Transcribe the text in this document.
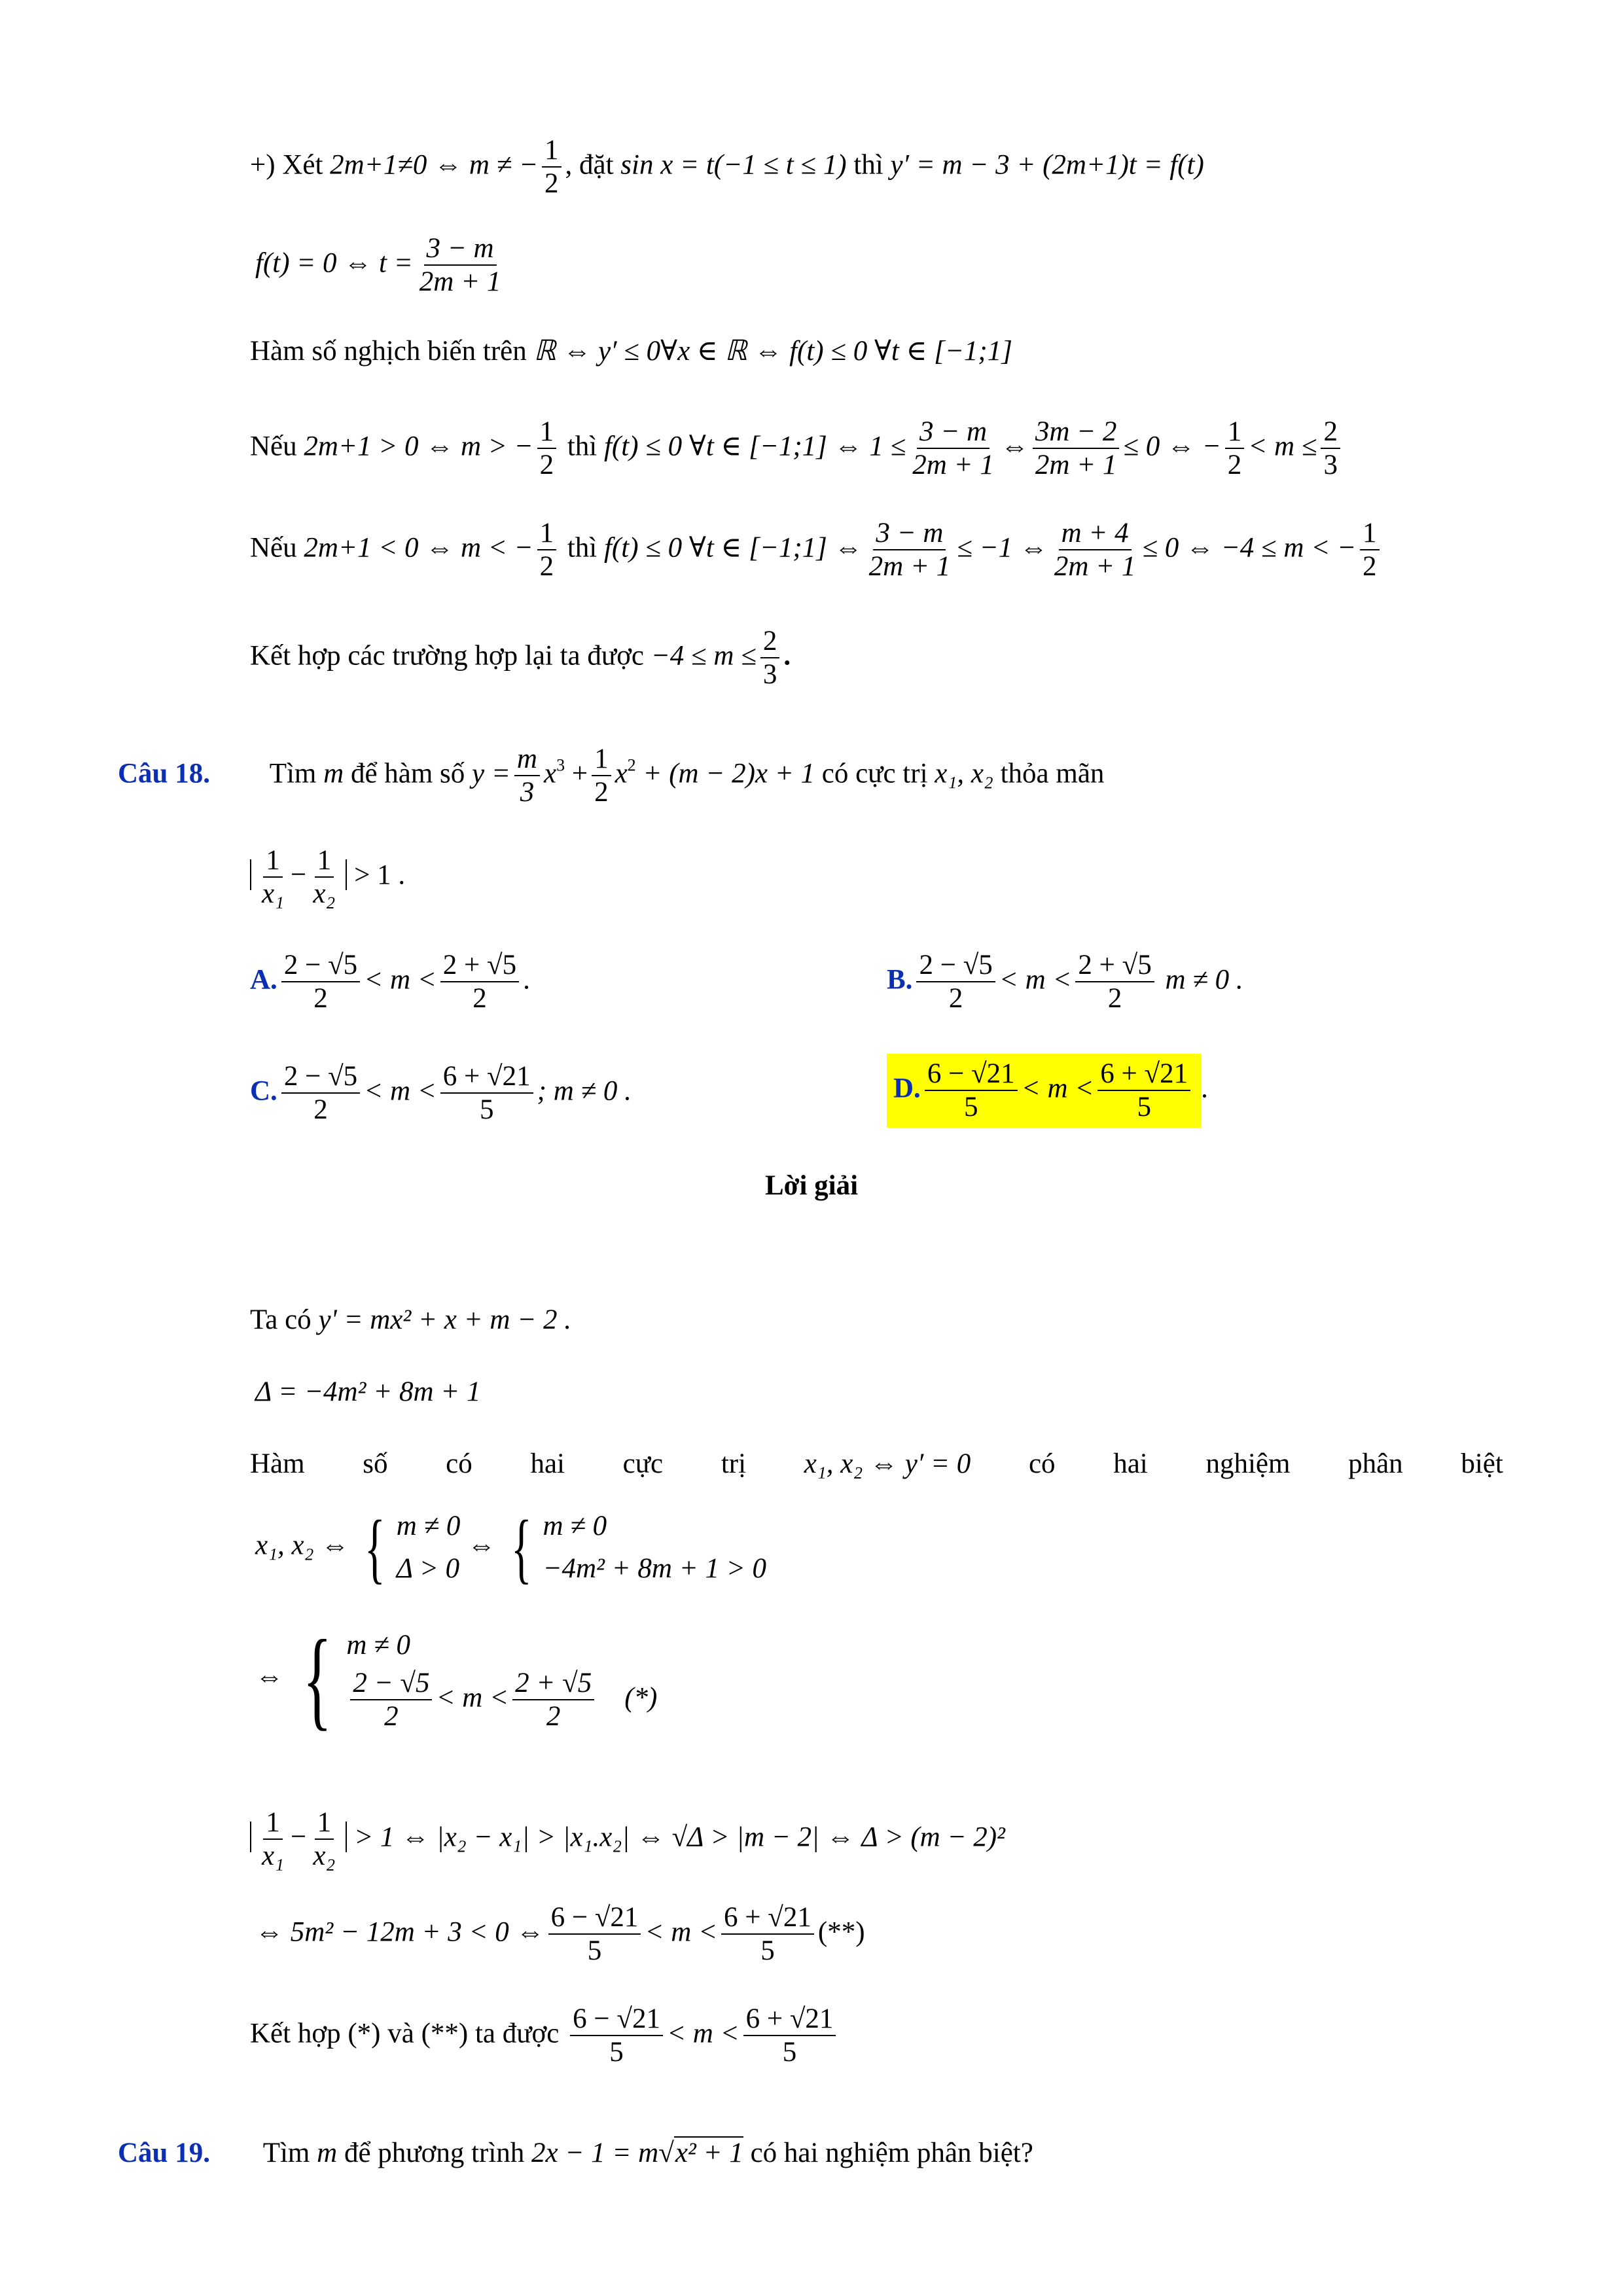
+) Xét 2m+1≠0 ⇔ m ≠ − $\frac{1}{2}$ , đặt sin x = t(−1 ≤ t ≤ 1) thì y′ = m − 3 + (2m+1)t = f(t)
f(t) = 0 ⇔ $t = \frac{3 - m}{2m + 1}$
Hàm số nghịch biến trên ℝ ⇔ y′ ≤ 0∀x ∈ ℝ ⇔ f(t) ≤ 0 ∀t ∈ [−1;1]
Nếu 2m+1 > 0 ⇔ m > − $\frac{1}{2}$ thì f(t) ≤ 0 ∀t ∈ [−1;1] ⇔ $1 \le \frac{3 - m}{2m + 1}$ ⇔ $\frac{3m - 2}{2m + 1} \le 0$ ⇔ − $\frac{1}{2} < m \le \frac{2}{3}$
Nếu 2m+1 < 0 ⇔ m < − $\frac{1}{2}$ thì f(t) ≤ 0 ∀t ∈ [−1;1] ⇔ $\frac{3 - m}{2m + 1} \le -1$ ⇔ $\frac{m + 4}{2m + 1} \le 0$ ⇔ −4 ≤ m < − $\frac{1}{2}$
Kết hợp các trường hợp lại ta được $-4 \le m \le \frac{2}{3}$ .
Câu 18. Tìm m để hàm số $y = \frac{m}{3} x^3 + \frac{1}{2} x^2 + (m - 2)x + 1$ có cực trị x₁, x₂ thỏa mãn
$\frac{1}{\text{x₁}} - \frac{1}{\text{x₂}} > 1$ .
A. $\frac{2 - √5}{2} < m < \frac{2 + √5}{2}$ .	B. $\frac{2 - √5}{2} < m < \frac{2 + √5}{2}$ m ≠ 0 .
C. $\frac{2 - √5}{2} < m < \frac{6 + √21}{5}$ ; m ≠ 0 .	D. $\frac{6 - √21}{5} < m < \frac{6 + √21}{5}$ .
Lời giải
Ta có y' = mx² + x + m − 2 .
Δ = −4m² + 8m + 1
Hàm số có hai cực trị x₁, x₂ ⇔ y′ = 0 có hai nghiệm phân biệt
x₁, x₂ ⇔ { m ≠ 0
Δ > 0
⇔ { m ≠ 0
−4m² + 8m + 1 > 0
⇔ { m ≠ 0
$\frac{2 - √5}{2} < m < \frac{2 + √5}{2}$ (*)
$\frac{1}{\text{x₁}} - \frac{1}{\text{x₂}} > 1$ ⇔ |x₂ − x₁| > |x₁.x₂| ⇔ √Δ > |m − 2| ⇔ Δ > (m − 2)²
⇔ 5m² − 12m + 3 < 0 ⇔ $\frac{6 - √21}{5} < m < \frac{6 + √21}{5}$ (**)
Kết hợp (*) và (**) ta được $\frac{6 - √21}{5} < m < \frac{6 + √21}{5}$
Câu 19. Tìm m để phương trình 2x − 1 = m√x² + 1 có hai nghiệm phân biệt?
